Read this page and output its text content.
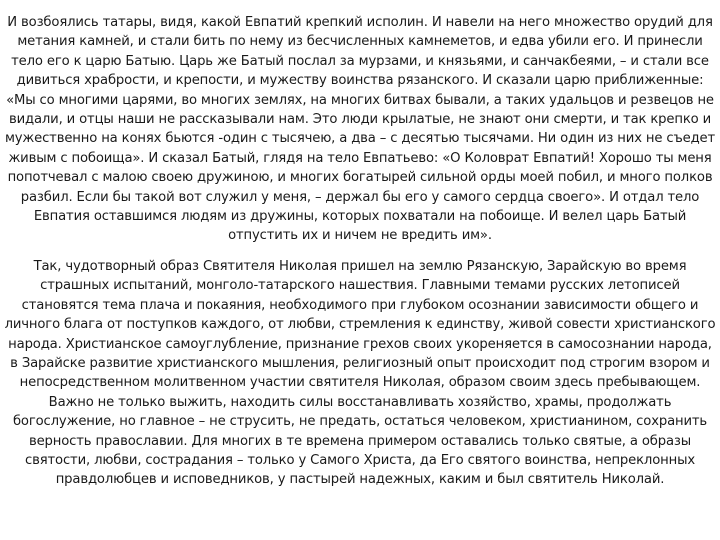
И возбоялись татары, видя, какой Евпатий крепкий исполин. И навели на него множество орудий для метания камней, и стали бить по нему из бесчисленных камнеметов, и едва убили его. И принесли тело его к царю Батыю. Царь же Батый послал за мурзами, и князьями, и санчакбеями, – и стали все дивиться храбрости, и крепости, и мужеству воинства рязанского. И сказали царю приближенные: «Мы со многими царями, во многих землях, на многих битвах бывали, а таких удальцов и резвецов не видали, и отцы наши не рассказывали нам. Это люди крылатые, не знают они смерти, и так крепко и мужественно на конях бьются -один с тысячею, а два – с десятью тысячами. Ни один из них не съедет живым с побоища». И сказал Батый, глядя на тело Евпатьево: «О Коловрат Евпатий! Хорошо ты меня попотчевал с малою своею дружиною, и многих богатырей сильной орды моей побил, и много полков разбил. Если бы такой вот служил у меня, – держал бы его у самого сердца своего». И отдал тело Евпатия оставшимся людям из дружины, которых похватали на побоище. И велел царь Батый отпустить их и ничем не вредить им».

Так, чудотворный образ Святителя Николая пришел на землю Рязанскую, Зарайскую во время страшных испытаний, монголо-татарского нашествия. Главными темами русских летописей становятся тема плача и покаяния, необходимого при глубоком осознании зависимости общего и личного блага от поступков каждого, от любви, стремления к единству, живой совести христианского народа. Христианское самоуглубление, признание грехов своих укореняется в самосознании народа, в Зарайске развитие христианского мышления, религиозный опыт происходит под строгим взором и непосредственном молитвенном участии святителя Николая, образом своим здесь пребывающем. Важно не только выжить, находить силы восстанавливать хозяйство, храмы, продолжать богослужение, но главное – не струсить, не предать, остаться человеком, христианином, сохранить верность православии. Для многих в те времена примером оставались только святые, а образы святости, любви, сострадания – только у Самого Христа, да Его святого воинства, непреклонных правдолюбцев и исповедников, у пастырей надежных, каким и был святитель Николай.
